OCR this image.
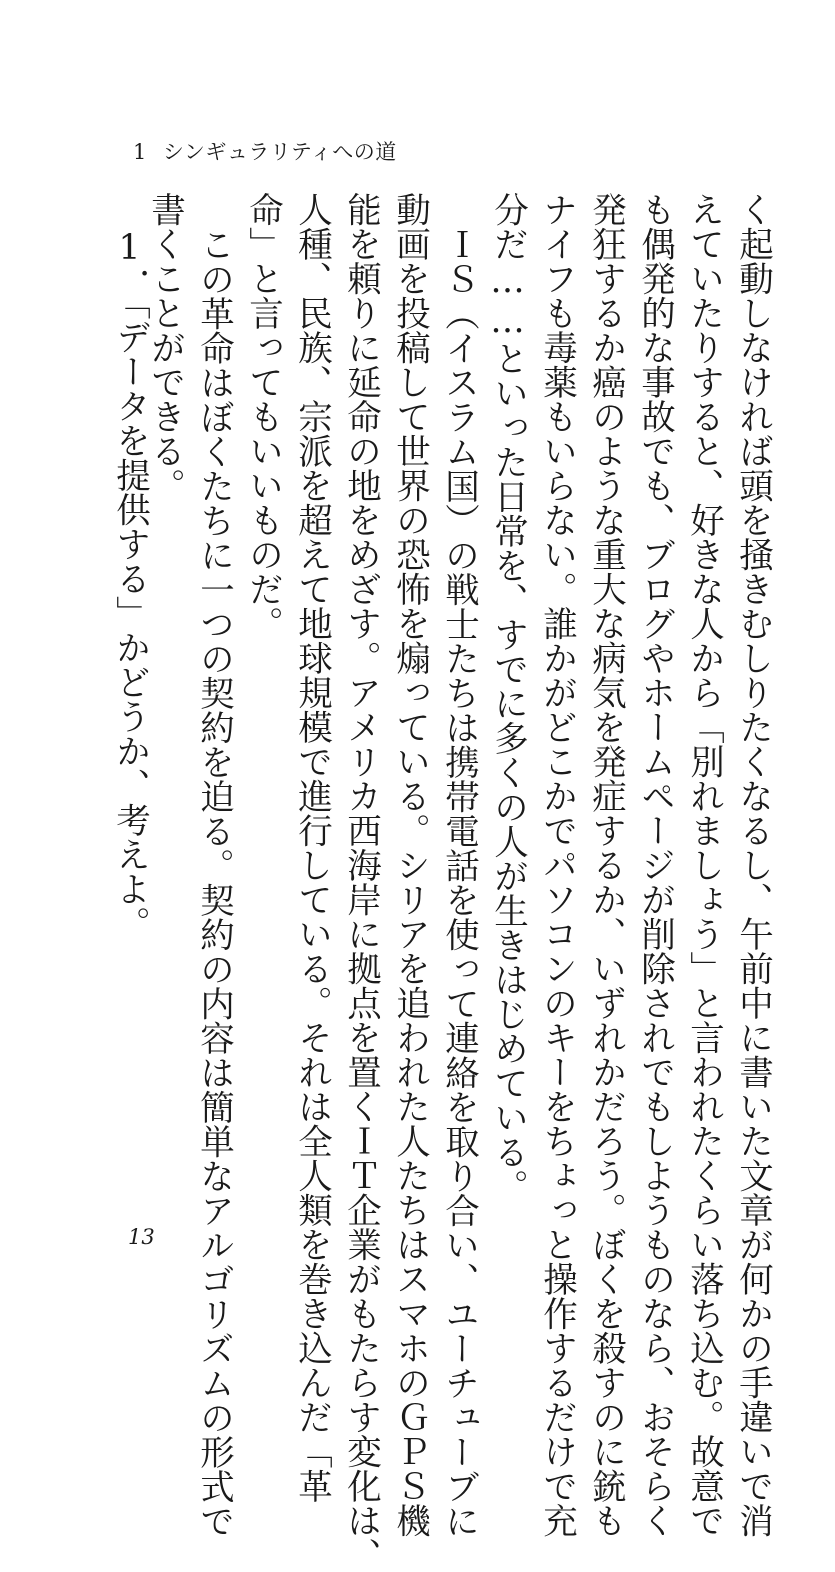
1 シンギュラリティへの道
く起動しなければ頭を掻きむしりたくなるし、午前中に書いた文章が何かの手違いで消
えていたりすると、好きな人から「別れましょう」と言われたくらい落ち込む。故意で
も偶発的な事故でも、ブログやホームページが削除されでもしようものなら、おそらく
発狂するか癌のような重大な病気を発症するか、いずれかだろう。ぼくを殺すのに銃も
ナイフも毒薬もいらない。誰かがどこかでパソコンのキーをちょっと操作するだけで充
分だ……といった日常を、すでに多くの人が生きはじめている。
ＩＳ（イスラム国）の戦士たちは携帯電話を使って連絡を取り合い、ユーチューブに
動画を投稿して世界の恐怖を煽っている。シリアを追われた人たちはスマホのＧＰＳ機
能を頼りに延命の地をめざす。アメリカ西海岸に拠点を置くＩＴ企業がもたらす変化は、
人種、民族、宗派を超えて地球規模で進行している。それは全人類を巻き込んだ「革
命」と言ってもいいものだ。
この革命はぼくたちに一つの契約を迫る。契約の内容は簡単なアルゴリズムの形式で
書くことができる。
1．「データを提供する」かどうか、考えよ。
13
